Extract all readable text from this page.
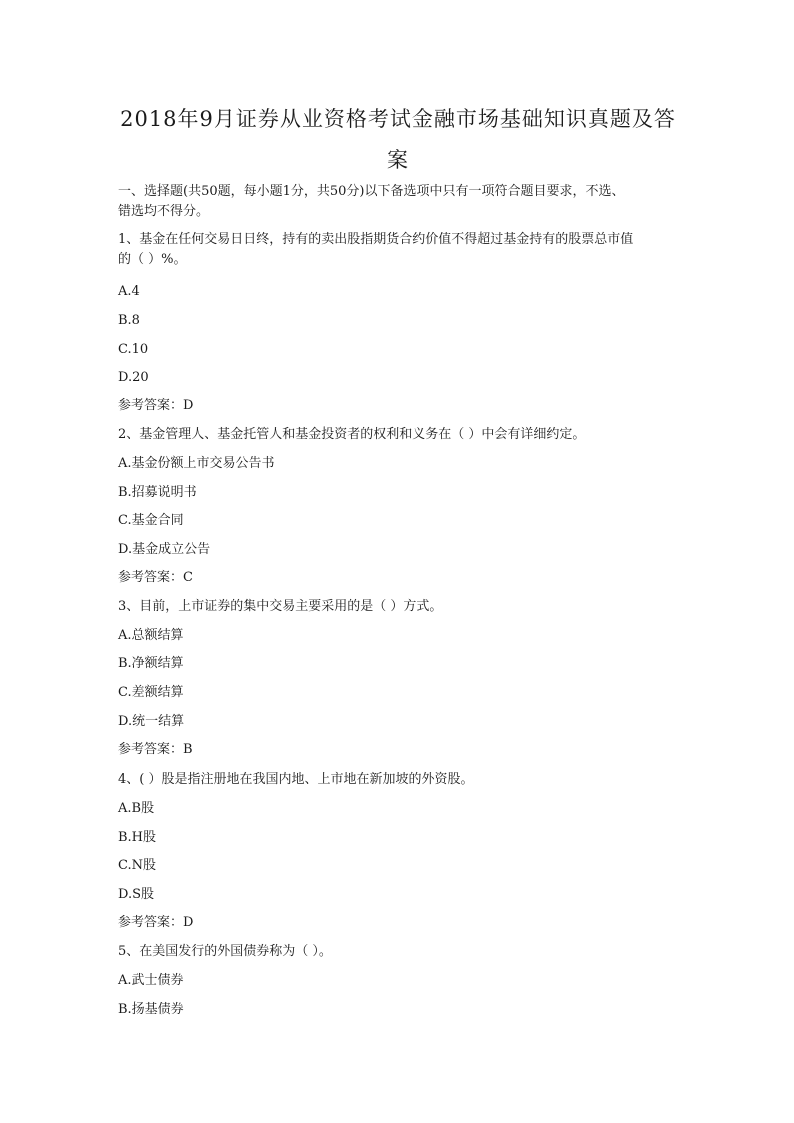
2018年9月证券从业资格考试金融市场基础知识真题及答
案

一、选择题(共50题，每小题1分，共50分)以下备选项中只有一项符合题目要求，不选、

错选均不得分。

1、基金在任何交易日日终，持有的卖出股指期货合约价值不得超过基金持有的股票总市值

的（ ）%。

A.4

B.8

C.10

D.20

参考答案：D

2、基金管理人、基金托管人和基金投资者的权利和义务在（ ）中会有详细约定。

A.基金份额上市交易公告书

B.招募说明书

C.基金合同

D.基金成立公告

参考答案：C

3、目前，上市证券的集中交易主要采用的是（ ）方式。

A.总额结算

B.净额结算

C.差额结算

D.统一结算

参考答案：B

4、( ）股是指注册地在我国内地、上市地在新加坡的外资股。

A.B股

B.H股

C.N股

D.S股

参考答案：D

5、在美国发行的外国债券称为（ ）。

A.武士债券

B.扬基债券
